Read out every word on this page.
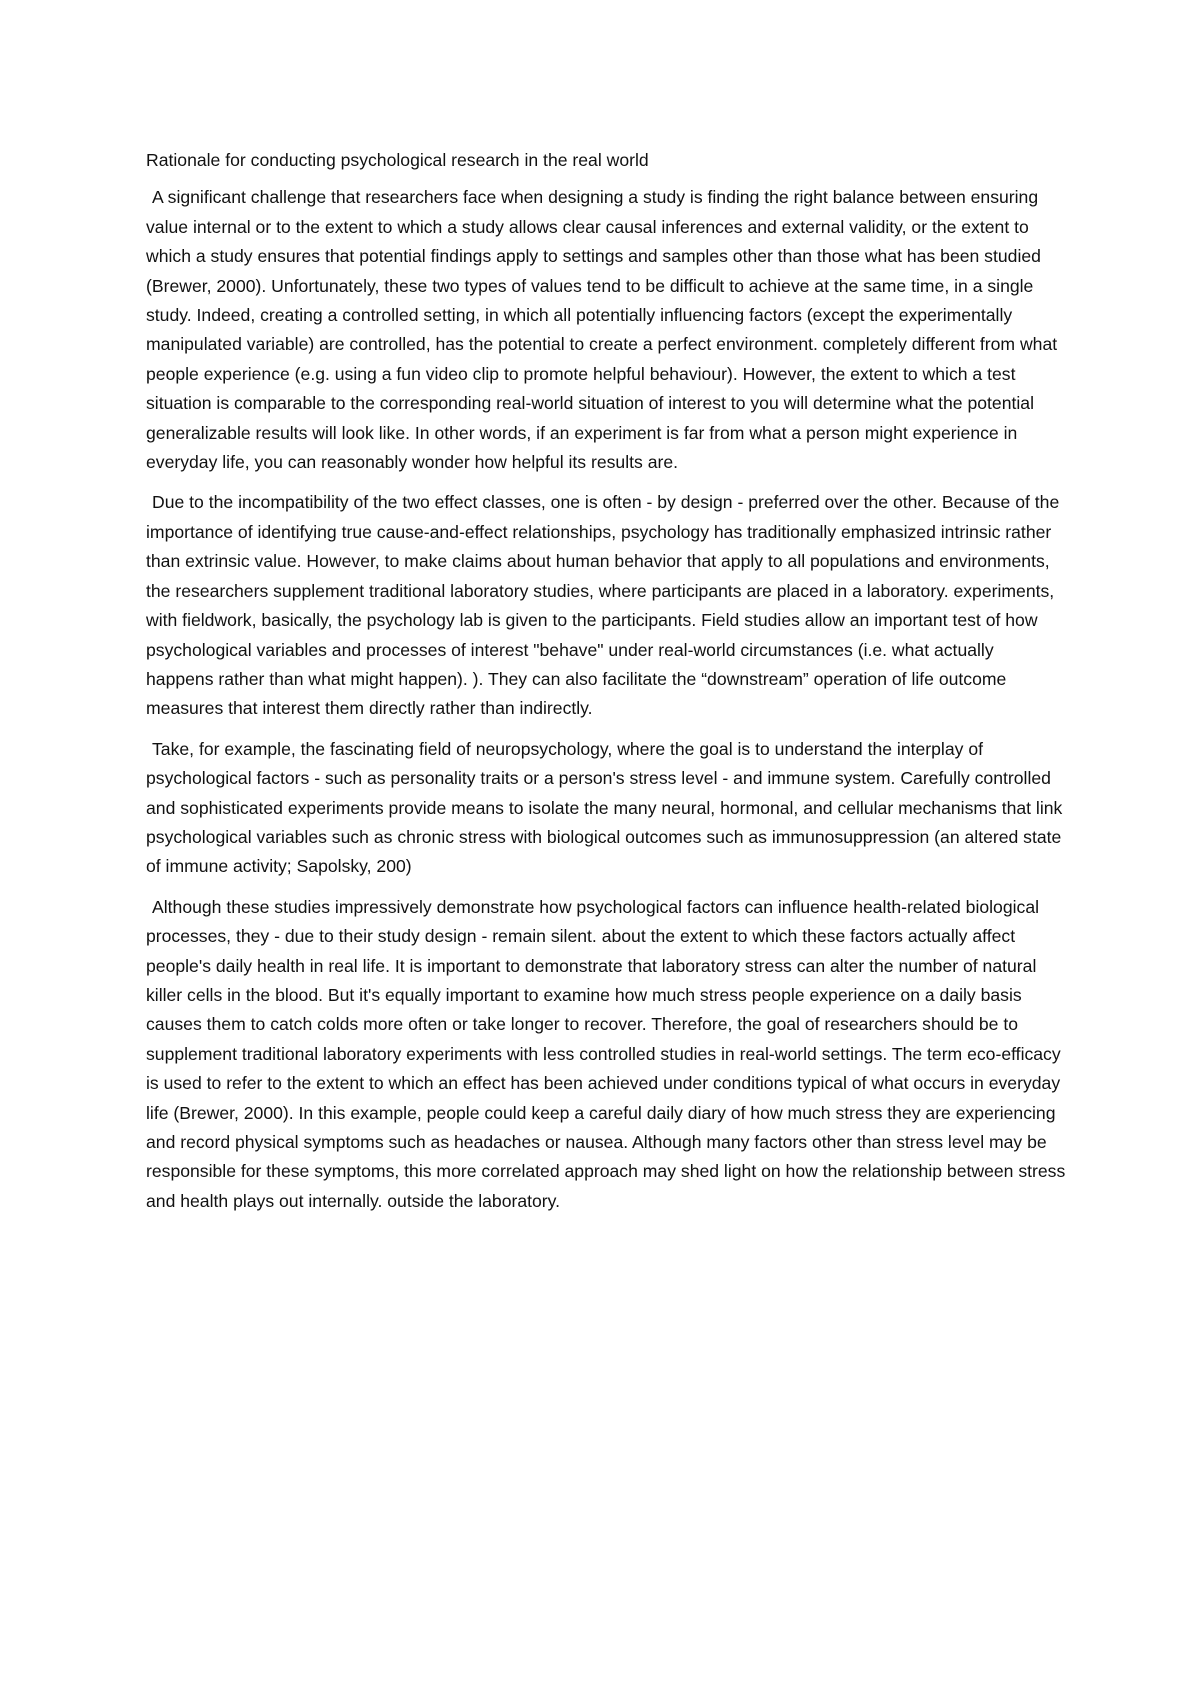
Rationale for conducting psychological research in the real world

A significant challenge that researchers face when designing a study is finding the right balance between ensuring value internal or to the extent to which a study allows clear causal inferences and external validity, or the extent to which a study ensures that potential findings apply to settings and samples other than those what has been studied (Brewer, 2000). Unfortunately, these two types of values tend to be difficult to achieve at the same time, in a single study. Indeed, creating a controlled setting, in which all potentially influencing factors (except the experimentally manipulated variable) are controlled, has the potential to create a perfect environment. completely different from what people experience (e.g. using a fun video clip to promote helpful behaviour). However, the extent to which a test situation is comparable to the corresponding real-world situation of interest to you will determine what the potential generalizable results will look like. In other words, if an experiment is far from what a person might experience in everyday life, you can reasonably wonder how helpful its results are.

Due to the incompatibility of the two effect classes, one is often - by design - preferred over the other. Because of the importance of identifying true cause-and-effect relationships, psychology has traditionally emphasized intrinsic rather than extrinsic value. However, to make claims about human behavior that apply to all populations and environments, the researchers supplement traditional laboratory studies, where participants are placed in a laboratory. experiments, with fieldwork, basically, the psychology lab is given to the participants. Field studies allow an important test of how psychological variables and processes of interest "behave" under real-world circumstances (i.e. what actually happens rather than what might happen). ). They can also facilitate the “downstream” operation of life outcome measures that interest them directly rather than indirectly.

Take, for example, the fascinating field of neuropsychology, where the goal is to understand the interplay of psychological factors - such as personality traits or a person's stress level - and immune system. Carefully controlled and sophisticated experiments provide means to isolate the many neural, hormonal, and cellular mechanisms that link psychological variables such as chronic stress with biological outcomes such as immunosuppression (an altered state of immune activity; Sapolsky, 200)

Although these studies impressively demonstrate how psychological factors can influence health-related biological processes, they - due to their study design - remain silent. about the extent to which these factors actually affect people's daily health in real life. It is important to demonstrate that laboratory stress can alter the number of natural killer cells in the blood. But it's equally important to examine how much stress people experience on a daily basis causes them to catch colds more often or take longer to recover. Therefore, the goal of researchers should be to supplement traditional laboratory experiments with less controlled studies in real-world settings. The term eco-efficacy is used to refer to the extent to which an effect has been achieved under conditions typical of what occurs in everyday life (Brewer, 2000). In this example, people could keep a careful daily diary of how much stress they are experiencing and record physical symptoms such as headaches or nausea. Although many factors other than stress level may be responsible for these symptoms, this more correlated approach may shed light on how the relationship between stress and health plays out internally. outside the laboratory.
